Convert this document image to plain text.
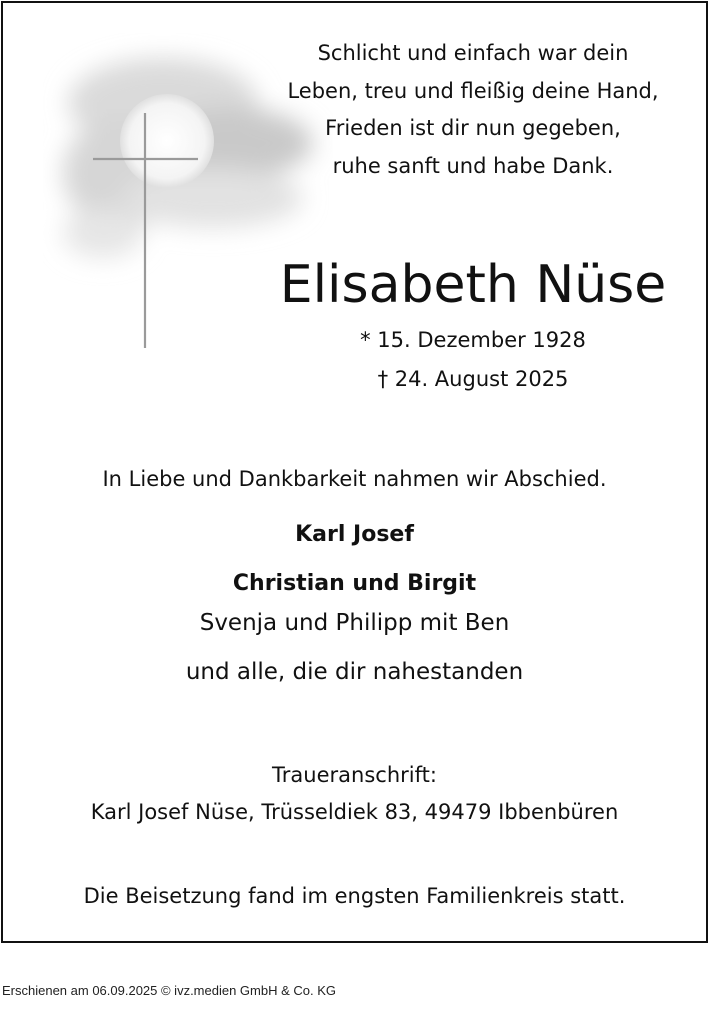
Schlicht und einfach war dein
Leben, treu und fleißig deine Hand,
Frieden ist dir nun gegeben,
ruhe sanft und habe Dank.
Elisabeth Nüse
* 15. Dezember 1928
† 24. August 2025
In Liebe und Dankbarkeit nahmen wir Abschied.
Karl Josef
Christian und Birgit
Svenja und Philipp mit Ben
und alle, die dir nahestanden
Traueranschrift:
Karl Josef Nüse, Trüsseldiek 83, 49479 Ibbenbüren
Die Beisetzung fand im engsten Familienkreis statt.
Erschienen am 06.09.2025 © ivz.medien GmbH & Co. KG
